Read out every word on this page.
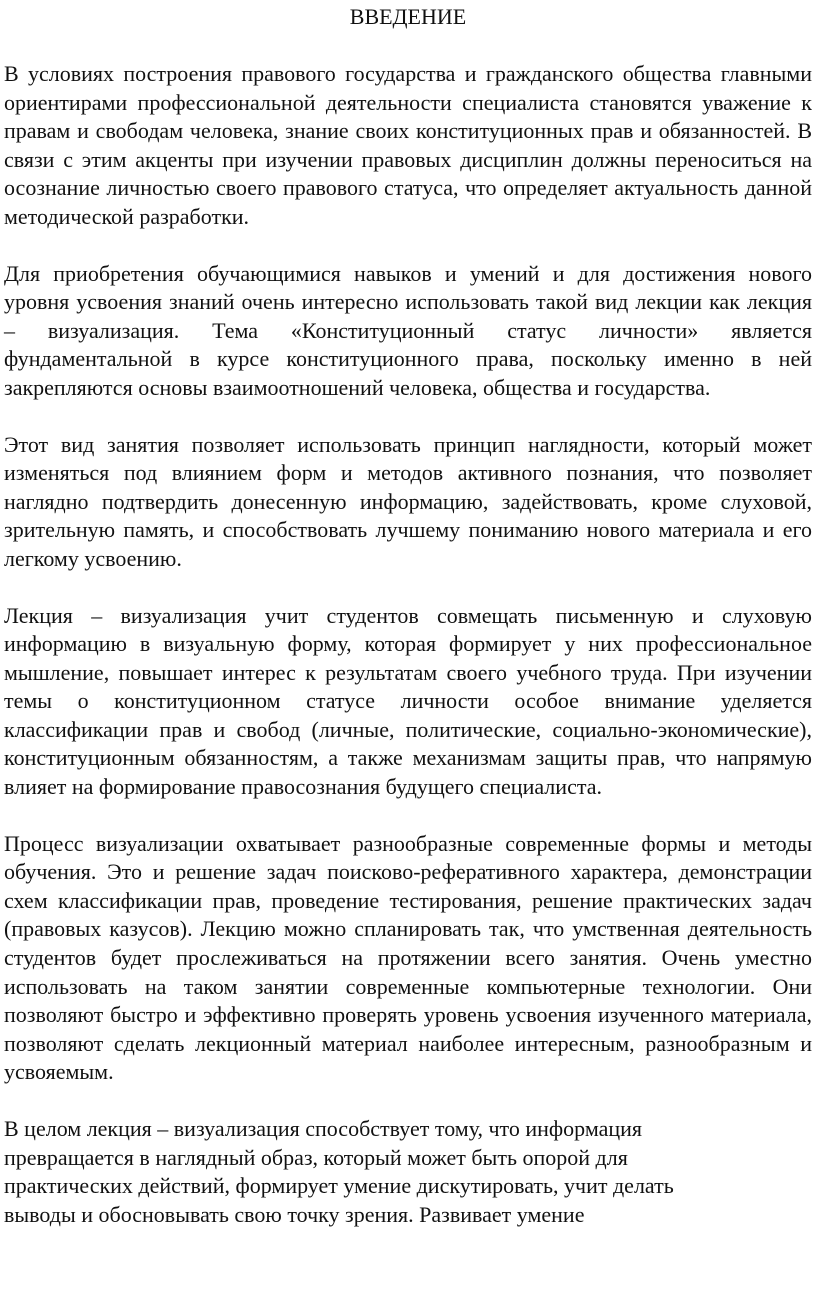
ВВЕДЕНИЕ

В условиях построения правового государства и гражданского общества главными ориентирами профессиональной деятельности специалиста становятся уважение к правам и свободам человека, знание своих конституционных прав и обязанностей. В связи с этим акценты при изучении правовых дисциплин должны переноситься на осознание личностью своего правового статуса, что определяет актуальность данной методической разработки.

Для приобретения обучающимися навыков и умений и для достижения нового уровня усвоения знаний очень интересно использовать такой вид лекции как лекция – визуализация. Тема «Конституционный статус личности» является фундаментальной в курсе конституционного права, поскольку именно в ней закрепляются основы взаимоотношений человека, общества и государства.

Этот вид занятия позволяет использовать принцип наглядности, который может изменяться под влиянием форм и методов активного познания, что позволяет наглядно подтвердить донесенную информацию, задействовать, кроме слуховой, зрительную память, и способствовать лучшему пониманию нового материала и его легкому усвоению.

Лекция – визуализация учит студентов совмещать письменную и слуховую информацию в визуальную форму, которая формирует у них профессиональное мышление, повышает интерес к результатам своего учебного труда. При изучении темы о конституционном статусе личности особое внимание уделяется классификации прав и свобод (личные, политические, социально-экономические), конституционным обязанностям, а также механизмам защиты прав, что напрямую влияет на формирование правосознания будущего специалиста.

Процесс визуализации охватывает разнообразные современные формы и методы обучения. Это и решение задач поисково-реферативного характера, демонстрации схем классификации прав, проведение тестирования, решение практических задач (правовых казусов). Лекцию можно спланировать так, что умственная деятельность студентов будет прослеживаться на протяжении всего занятия. Очень уместно использовать на таком занятии современные компьютерные технологии. Они позволяют быстро и эффективно проверять уровень усвоения изученного материала, позволяют сделать лекционный материал наиболее интересным, разнообразным и усвояемым.

В целом лекция – визуализация способствует тому, что информация превращается в наглядный образ, который может быть опорой для практических действий, формирует умение дискутировать, учит делать выводы и обосновывать свою точку зрения. Развивает умение
